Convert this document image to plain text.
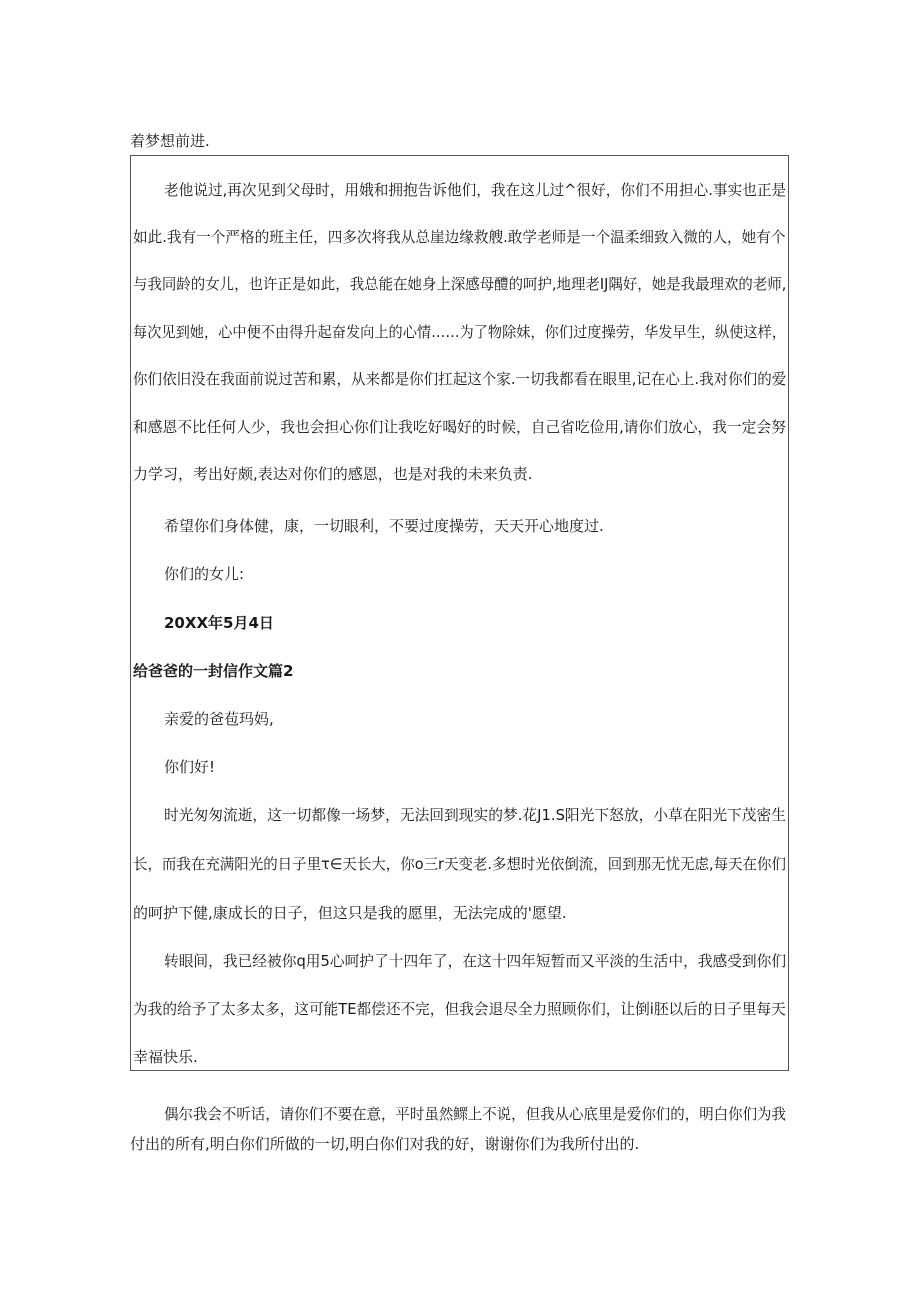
着梦想前进.
老他说过,再次见到父母时，用娥和拥抱告诉他们，我在这儿过^很好，你们不用担心.事实也正是
如此.我有一个严格的班主任，四多次将我从总崖边缘救艘.敢学老师是一个温柔细致入微的人，她有个
与我同龄的女儿，也许正是如此，我总能在她身上深感母醴的呵护,地理老IJ隅好，她是我最理欢的老师,
每次见到她，心中便不由得升起奋发向上的心情……为了物除妹，你们过度操劳，华发早生，纵使这样，
你们依旧没在我面前说过苦和累，从来都是你们扛起这个家.一切我都看在眼里,记在心上.我对你们的爱
和感恩不比任何人少，我也会担心你们让我吃好喝好的时候，自己省吃俭用,请你们放心，我一定会努
力学习，考出好颇,表达对你们的感恩，也是对我的未来负责.
希望你们身体健，康，一切眼利，不要过度操劳，天天开心地度过.
你们的女儿:
20XX年5月4日
给爸爸的一封信作文篇2
亲爱的爸苞玛妈,
你们好!
时光匆匆流逝，这一切都像一场梦，无法回到现实的梦.花J1.S阳光下怒放，小草在阳光下茂密生
长，而我在充满阳光的日子里τ∈天长大，你o三r天变老.多想时光依倒流，回到那无忧无虑,每天在你们
的呵护下健,康成长的日子，但这只是我的愿里，无法完成的'愿望.
转眼间，我已经被你q用5心呵护了十四年了，在这十四年短暂而又平淡的生活中，我感受到你们
为我的给予了太多太多，这可能TE都偿还不完，但我会退尽全力照顾你们，让倒i胚以后的日子里每天
幸福快乐.
偶尔我会不听话，请你们不要在意，平时虽然鳏上不说，但我从心底里是爱你们的，明白你们为我
付出的所有,明白你们所做的一切,明白你们对我的好，谢谢你们为我所付出的.
